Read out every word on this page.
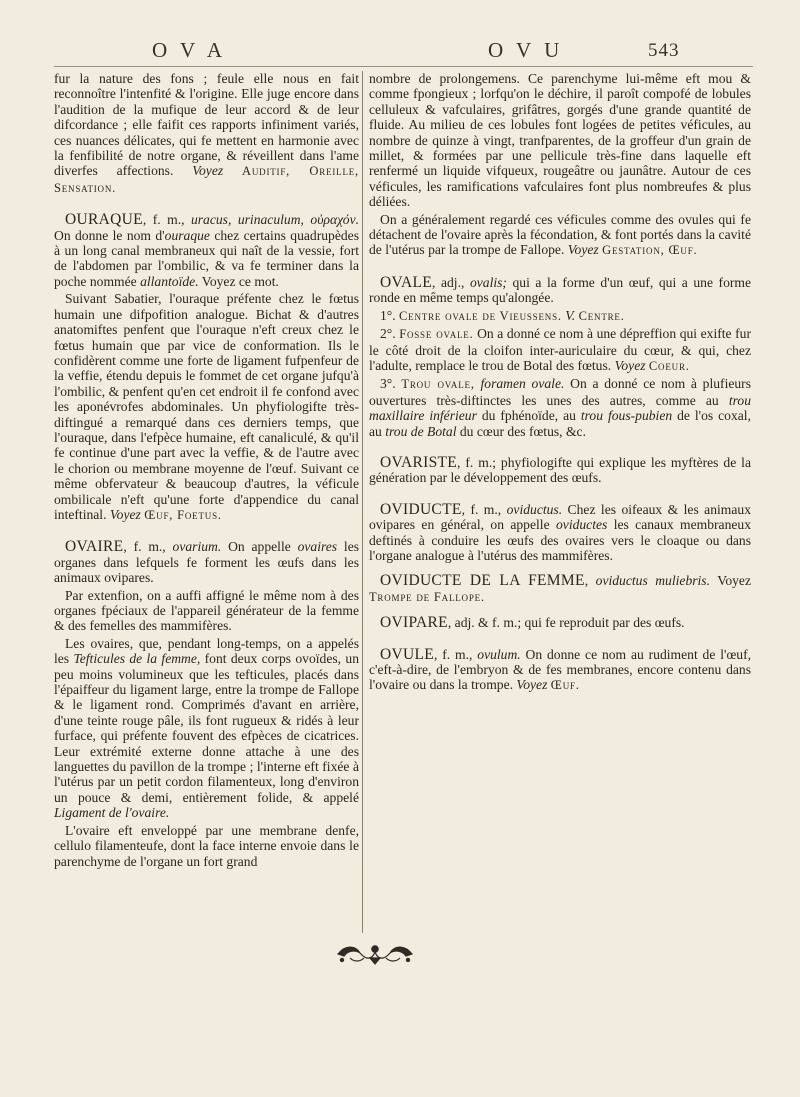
O V A	O V U	543

fur la nature des fons ; feule elle nous en fait reconnoître l'intenfité & l'origine. Elle juge encore dans l'audition de la mufique de leur accord & de leur difcordance ; elle faifit ces rapports infiniment variés, ces nuances délicates, qui fe mettent en harmonie avec la fenfibilité de notre organe, & réveillent dans l'ame diverfes affections. Voyez Auditif, Oreille, Sensation.

OURAQUE, f. m., uracus, urinaculum, οὐραχόν. On donne le nom d'ouraque chez certains quadrupèdes à un long canal membraneux qui naît de la vessie, fort de l'abdomen par l'ombilic, & va fe terminer dans la poche nommée allantoïde. Voyez ce mot.

Suivant Sabatier, l'ouraque préfente chez le fœtus humain une difpofition analogue. Bichat & d'autres anatomiftes penfent que l'ouraque n'eft creux chez le fœtus humain que par vice de conformation. Ils le confidèrent comme une forte de ligament fufpenfeur de la veffie, étendu depuis le fommet de cet organe jufqu'à l'ombilic, & penfent qu'en cet endroit il fe confond avec les aponévrofes abdominales. Un phyfiologifte très-diftingué a remarqué dans ces derniers temps, que l'ouraque, dans l'efpèce humaine, eft canaliculé, & qu'il fe continue d'une part avec la veffie, & de l'autre avec le chorion ou membrane moyenne de l'œuf. Suivant ce même obfervateur & beaucoup d'autres, la véficule ombilicale n'eft qu'une forte d'appendice du canal inteftinal. Voyez Œuf, Foetus.

OVAIRE, f. m., ovarium. On appelle ovaires les organes dans lefquels fe forment les œufs dans les animaux ovipares.

Par extenfion, on a auffi affigné le même nom à des organes fpéciaux de l'appareil générateur de la femme & des femelles des mammifères.

Les ovaires, que, pendant long-temps, on a appelés les Tefticules de la femme, font deux corps ovoïdes, un peu moins volumineux que les tefticules, placés dans l'épaiffeur du ligament large, entre la trompe de Fallope & le ligament rond. Comprimés d'avant en arrière, d'une teinte rouge pâle, ils font rugueux & ridés à leur furface, qui préfente fouvent des efpèces de cicatrices. Leur extrémité externe donne attache à une des languettes du pavillon de la trompe ; l'interne eft fixée à l'utérus par un petit cordon filamenteux, long d'environ un pouce & demi, entièrement folide, & appelé Ligament de l'ovaire.

L'ovaire eft enveloppé par une membrane denfe, cellulo filamenteufe, dont la face interne envoie dans le parenchyme de l'organe un fort grand

nombre de prolongemens. Ce parenchyme lui-même eft mou & comme fpongieux ; lorfqu'on le déchire, il paroît compofé de lobules celluleux & vafculaires, grifâtres, gorgés d'une grande quantité de fluide. Au milieu de ces lobules font logées de petites véficules, au nombre de quinze à vingt, tranfparentes, de la groffeur d'un grain de millet, & formées par une pellicule très-fine dans laquelle eft renfermé un liquide vifqueux, rougeâtre ou jaunâtre. Autour de ces véficules, les ramifications vafculaires font plus nombreufes & plus déliées.

On a généralement regardé ces véficules comme des ovules qui fe détachent de l'ovaire après la fécondation, & font portés dans la cavité de l'utérus par la trompe de Fallope. Voyez Gestation, Œuf.

OVALE, adj., ovalis; qui a la forme d'un œuf, qui a une forme ronde en même temps qu'alongée.

1°. Centre ovale de Vieussens. V. Centre.

2°. Fosse ovale. On a donné ce nom à une dépreffion qui exifte fur le côté droit de la cloifon inter-auriculaire du cœur, & qui, chez l'adulte, remplace le trou de Botal des fœtus. Voyez Coeur.

3°. Trou ovale, foramen ovale. On a donné ce nom à plufieurs ouvertures très-diftinctes les unes des autres, comme au trou maxillaire inférieur du fphénoïde, au trou fous-pubien de l'os coxal, au trou de Botal du cœur des fœtus, &c.

OVARISTE, f. m.; phyfiologifte qui explique les myftères de la génération par le développement des œufs.

OVIDUCTE, f. m., oviductus. Chez les oifeaux & les animaux ovipares en général, on appelle oviductes les canaux membraneux deftinés à conduire les œufs des ovaires vers le cloaque ou dans l'organe analogue à l'utérus des mammifères.

OVIDUCTE DE LA FEMME, oviductus muliebris. Voyez Trompe de Fallope.

OVIPARE, adj. & f. m.; qui fe reproduit par des œufs.

OVULE, f. m., ovulum. On donne ce nom au rudiment de l'œuf, c'eft-à-dire, de l'embryon & de fes membranes, encore contenu dans l'ovaire ou dans la trompe. Voyez Œuf.
